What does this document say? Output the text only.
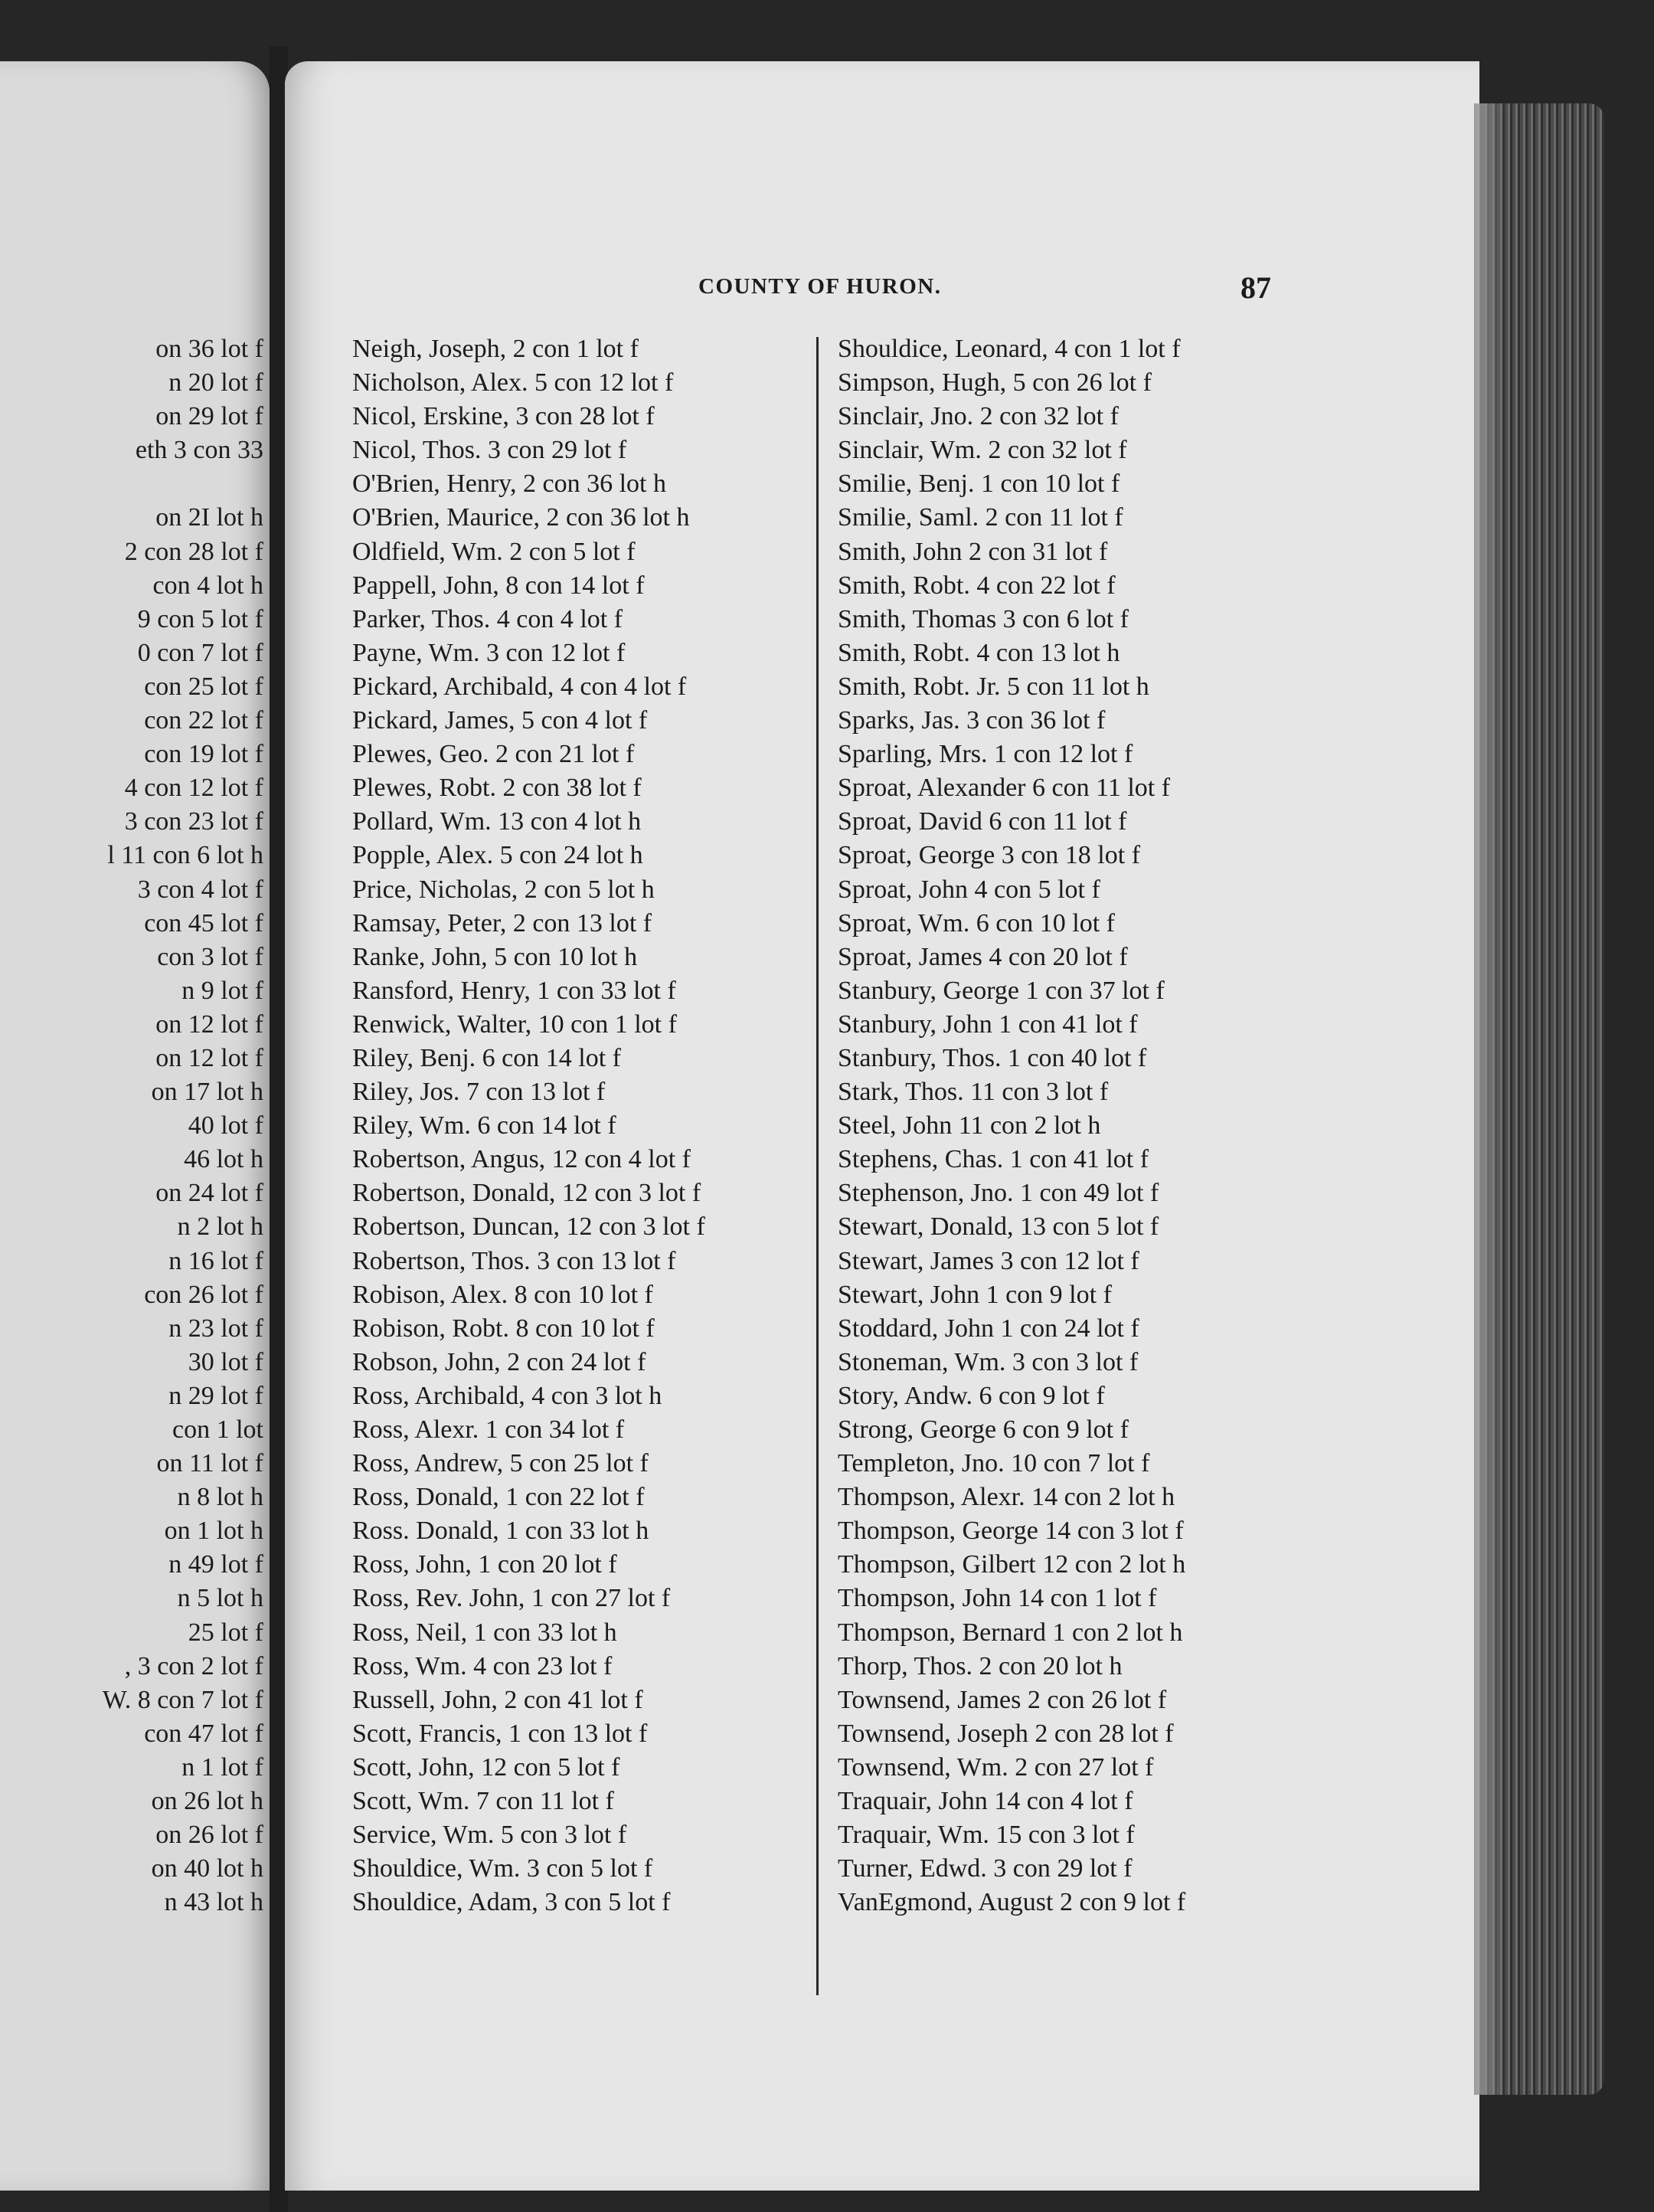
on 36 lot f
n 20 lot f
on 29 lot f
eth 3 con 33
on 2I lot h
2 con 28 lot f
con 4 lot h
9 con 5 lot f
0 con 7 lot f
con 25 lot f
con 22 lot f
con 19 lot f
4 con 12 lot f
3 con 23 lot f
l 11 con 6 lot h
3 con 4 lot f
con 45 lot f
con 3 lot f
n 9 lot f
on 12 lot f
on 12 lot f
on 17 lot h
40 lot f
46 lot h
on 24 lot f
n 2 lot h
n 16 lot f
con 26 lot f
n 23 lot f
30 lot f
n 29 lot f
con 1 lot
on 11 lot f
n 8 lot h
on 1 lot h
n 49 lot f
n 5 lot h
25 lot f
, 3 con 2 lot f
W. 8 con 7 lot f
con 47 lot f
n 1 lot f
on 26 lot h
on 26 lot f
on 40 lot h
n 43 lot h
COUNTY OF HURON.	87
Neigh, Joseph, 2 con 1 lot f
Nicholson, Alex. 5 con 12 lot f
Nicol, Erskine, 3 con 28 lot f
Nicol, Thos. 3 con 29 lot f
O'Brien, Henry, 2 con 36 lot h
O'Brien, Maurice, 2 con 36 lot h
Oldfield, Wm. 2 con 5 lot f
Pappell, John, 8 con 14 lot f
Parker, Thos. 4 con 4 lot f
Payne, Wm. 3 con 12 lot f
Pickard, Archibald, 4 con 4 lot f
Pickard, James, 5 con 4 lot f
Plewes, Geo. 2 con 21 lot f
Plewes, Robt. 2 con 38 lot f
Pollard, Wm. 13 con 4 lot h
Popple, Alex. 5 con 24 lot h
Price, Nicholas, 2 con 5 lot h
Ramsay, Peter, 2 con 13 lot f
Ranke, John, 5 con 10 lot h
Ransford, Henry, 1 con 33 lot f
Renwick, Walter, 10 con 1 lot f
Riley, Benj. 6 con 14 lot f
Riley, Jos. 7 con 13 lot f
Riley, Wm. 6 con 14 lot f
Robertson, Angus, 12 con 4 lot f
Robertson, Donald, 12 con 3 lot f
Robertson, Duncan, 12 con 3 lot f
Robertson, Thos. 3 con 13 lot f
Robison, Alex. 8 con 10 lot f
Robison, Robt. 8 con 10 lot f
Robson, John, 2 con 24 lot f
Ross, Archibald, 4 con 3 lot h
Ross, Alexr. 1 con 34 lot f
Ross, Andrew, 5 con 25 lot f
Ross, Donald, 1 con 22 lot f
Ross. Donald, 1 con 33 lot h
Ross, John, 1 con 20 lot f
Ross, Rev. John, 1 con 27 lot f
Ross, Neil, 1 con 33 lot h
Ross, Wm. 4 con 23 lot f
Russell, John, 2 con 41 lot f
Scott, Francis, 1 con 13 lot f
Scott, John, 12 con 5 lot f
Scott, Wm. 7 con 11 lot f
Service, Wm. 5 con 3 lot f
Shouldice, Wm. 3 con 5 lot f
Shouldice, Adam, 3 con 5 lot f
Shouldice, Leonard, 4 con 1 lot f
Simpson, Hugh, 5 con 26 lot f
Sinclair, Jno. 2 con 32 lot f
Sinclair, Wm. 2 con 32 lot f
Smilie, Benj. 1 con 10 lot f
Smilie, Saml. 2 con 11 lot f
Smith, John 2 con 31 lot f
Smith, Robt. 4 con 22 lot f
Smith, Thomas 3 con 6 lot f
Smith, Robt. 4 con 13 lot h
Smith, Robt. Jr. 5 con 11 lot h
Sparks, Jas. 3 con 36 lot f
Sparling, Mrs. 1 con 12 lot f
Sproat, Alexander 6 con 11 lot f
Sproat, David 6 con 11 lot f
Sproat, George 3 con 18 lot f
Sproat, John 4 con 5 lot f
Sproat, Wm. 6 con 10 lot f
Sproat, James 4 con 20 lot f
Stanbury, George 1 con 37 lot f
Stanbury, John 1 con 41 lot f
Stanbury, Thos. 1 con 40 lot f
Stark, Thos. 11 con 3 lot f
Steel, John 11 con 2 lot h
Stephens, Chas. 1 con 41 lot f
Stephenson, Jno. 1 con 49 lot f
Stewart, Donald, 13 con 5 lot f
Stewart, James 3 con 12 lot f
Stewart, John 1 con 9 lot f
Stoddard, John 1 con 24 lot f
Stoneman, Wm. 3 con 3 lot f
Story, Andw. 6 con 9 lot f
Strong, George 6 con 9 lot f
Templeton, Jno. 10 con 7 lot f
Thompson, Alexr. 14 con 2 lot h
Thompson, George 14 con 3 lot f
Thompson, Gilbert 12 con 2 lot h
Thompson, John 14 con 1 lot f
Thompson, Bernard 1 con 2 lot h
Thorp, Thos. 2 con 20 lot h
Townsend, James 2 con 26 lot f
Townsend, Joseph 2 con 28 lot f
Townsend, Wm. 2 con 27 lot f
Traquair, John 14 con 4 lot f
Traquair, Wm. 15 con 3 lot f
Turner, Edwd. 3 con 29 lot f
VanEgmond, August 2 con 9 lot f
